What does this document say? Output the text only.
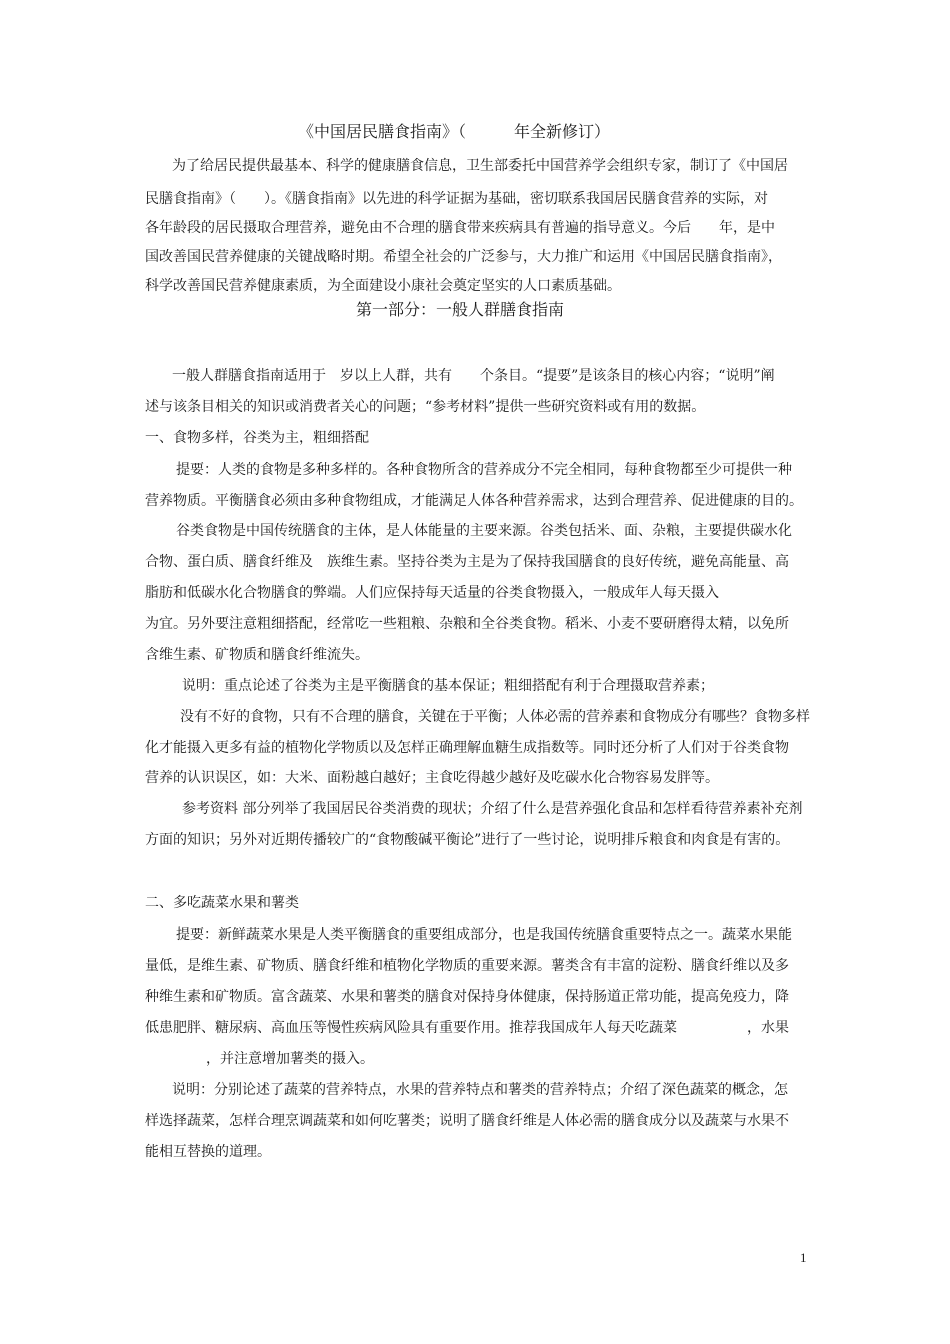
《中国居民膳食指南》（　　　年全新修订）
为了给居民提供最基本、科学的健康膳食信息，卫生部委托中国营养学会组织专家，制订了《中国居
民膳食指南》（　　）。《膳食指南》以先进的科学证据为基础，密切联系我国居民膳食营养的实际，对
各年龄段的居民摄取合理营养，避免由不合理的膳食带来疾病具有普遍的指导意义。今后　　年，是中
国改善国民营养健康的关键战略时期。希望全社会的广泛参与，大力推广和运用《中国居民膳食指南》，
科学改善国民营养健康素质，为全面建设小康社会奠定坚实的人口素质基础。
第一部分：一般人群膳食指南
一般人群膳食指南适用于　岁以上人群，共有　　个条目。“提要”是该条目的核心内容；“说明”阐
述与该条目相关的知识或消费者关心的问题；“参考材料”提供一些研究资料或有用的数据。
一、食物多样，谷类为主，粗细搭配
提要：人类的食物是多种多样的。各种食物所含的营养成分不完全相同，每种食物都至少可提供一种
营养物质。平衡膳食必须由多种食物组成，才能满足人体各种营养需求，达到合理营养、促进健康的目的。
谷类食物是中国传统膳食的主体，是人体能量的主要来源。谷类包括米、面、杂粮，主要提供碳水化
合物、蛋白质、膳食纤维及　族维生素。坚持谷类为主是为了保持我国膳食的良好传统，避免高能量、高
脂肪和低碳水化合物膳食的弊端。人们应保持每天适量的谷类食物摄入，一般成年人每天摄入
为宜。另外要注意粗细搭配，经常吃一些粗粮、杂粮和全谷类食物。稻米、小麦不要研磨得太精，以免所
含维生素、矿物质和膳食纤维流失。
说明：重点论述了谷类为主是平衡膳食的基本保证；粗细搭配有利于合理摄取营养素；
没有不好的食物，只有不合理的膳食，关键在于平衡；人体必需的营养素和食物成分有哪些？食物多样
化才能摄入更多有益的植物化学物质以及怎样正确理解血糖生成指数等。同时还分析了人们对于谷类食物
营养的认识误区，如：大米、面粉越白越好；主食吃得越少越好及吃碳水化合物容易发胖等。
参考资料 部分列举了我国居民谷类消费的现状；介绍了什么是营养强化食品和怎样看待营养素补充剂
方面的知识；另外对近期传播较广的“食物酸碱平衡论”进行了一些讨论，说明排斥粮食和肉食是有害的。
二、多吃蔬菜水果和薯类
提要：新鲜蔬菜水果是人类平衡膳食的重要组成部分，也是我国传统膳食重要特点之一。蔬菜水果能
量低，是维生素、矿物质、膳食纤维和植物化学物质的重要来源。薯类含有丰富的淀粉、膳食纤维以及多
种维生素和矿物质。富含蔬菜、水果和薯类的膳食对保持身体健康，保持肠道正常功能，提高免疫力，降
低患肥胖、糖尿病、高血压等慢性疾病风险具有重要作用。推荐我国成年人每天吃蔬菜　　　　　，水果
，并注意增加薯类的摄入。
说明：分别论述了蔬菜的营养特点，水果的营养特点和薯类的营养特点；介绍了深色蔬菜的概念，怎
样选择蔬菜，怎样合理烹调蔬菜和如何吃薯类；说明了膳食纤维是人体必需的膳食成分以及蔬菜与水果不
能相互替换的道理。
1
